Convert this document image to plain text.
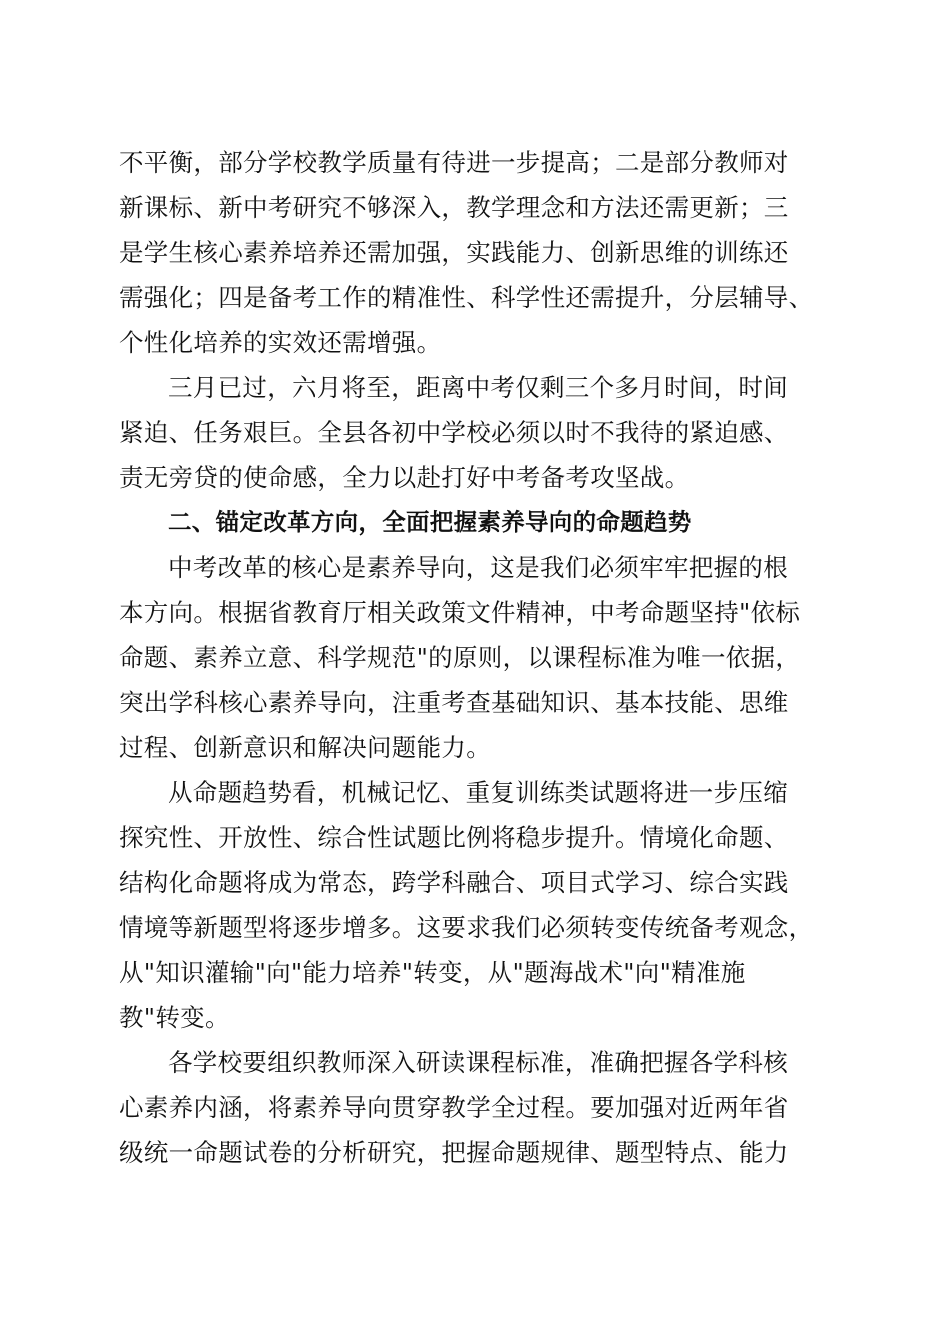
不平衡，部分学校教学质量有待进一步提高；二是部分教师对
新课标、新中考研究不够深入，教学理念和方法还需更新；三
是学生核心素养培养还需加强，实践能力、创新思维的训练还
需强化；四是备考工作的精准性、科学性还需提升，分层辅导、
个性化培养的实效还需增强。
三月已过，六月将至，距离中考仅剩三个多月时间，时间
紧迫、任务艰巨。全县各初中学校必须以时不我待的紧迫感、
责无旁贷的使命感，全力以赴打好中考备考攻坚战。
二、锚定改革方向，全面把握素养导向的命题趋势
中考改革的核心是素养导向，这是我们必须牢牢把握的根
本方向。根据省教育厅相关政策文件精神，中考命题坚持"依标
命题、素养立意、科学规范"的原则，以课程标准为唯一依据，
突出学科核心素养导向，注重考查基础知识、基本技能、思维
过程、创新意识和解决问题能力。
从命题趋势看，机械记忆、重复训练类试题将进一步压缩
探究性、开放性、综合性试题比例将稳步提升。情境化命题、
结构化命题将成为常态，跨学科融合、项目式学习、综合实践
情境等新题型将逐步增多。这要求我们必须转变传统备考观念，
从"知识灌输"向"能力培养"转变，从"题海战术"向"精准施
教"转变。
各学校要组织教师深入研读课程标准，准确把握各学科核
心素养内涵，将素养导向贯穿教学全过程。要加强对近两年省
级统一命题试卷的分析研究，把握命题规律、题型特点、能力
